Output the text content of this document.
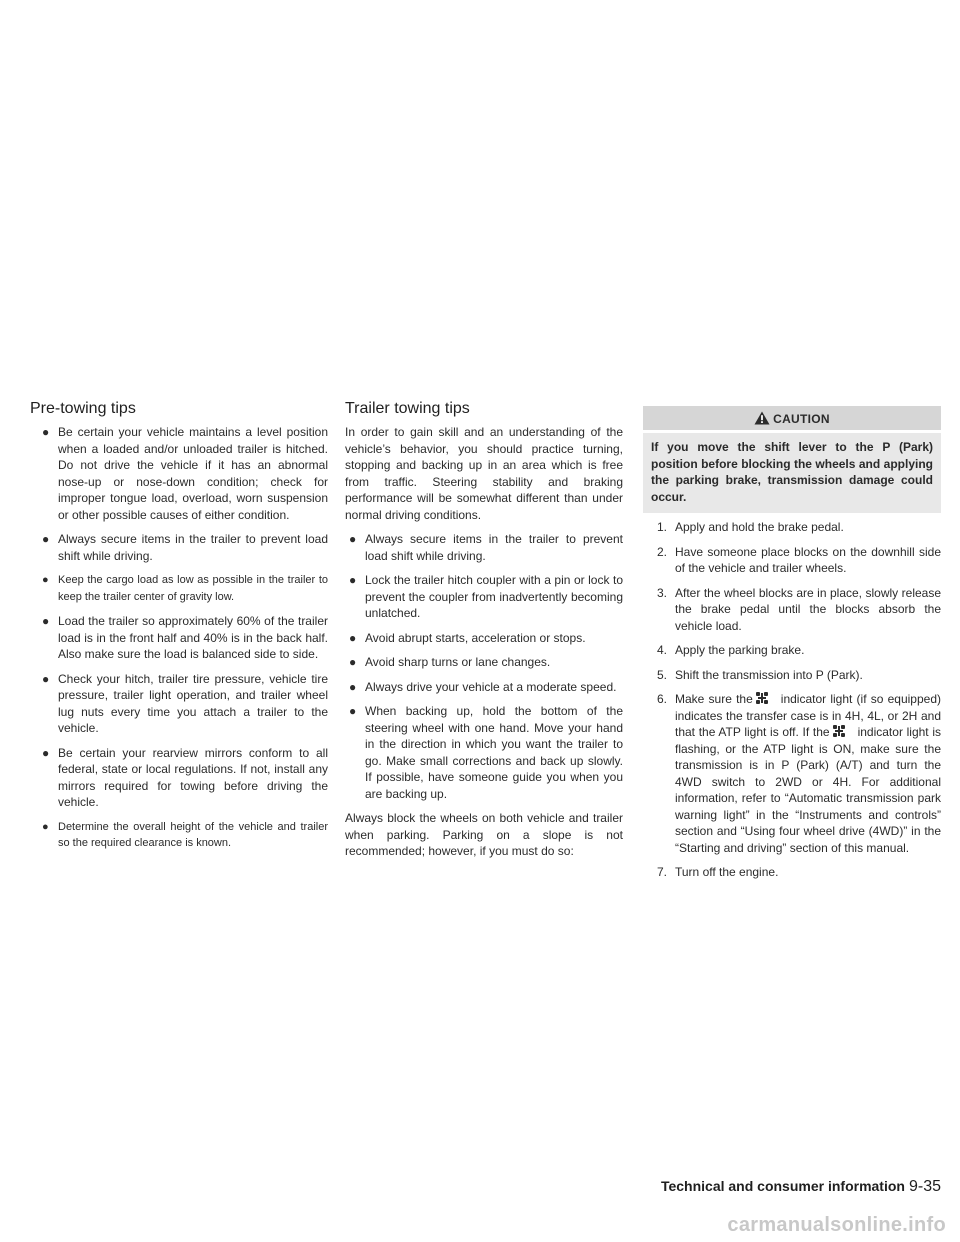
Pre-towing tips
● Be certain your vehicle maintains a level position when a loaded and/or unloaded trailer is hitched. Do not drive the vehicle if it has an abnormal nose-up or nose-down condition; check for improper tongue load, overload, worn suspension or other possible causes of either condition.
● Always secure items in the trailer to prevent load shift while driving.
● Keep the cargo load as low as possible in the trailer to keep the trailer center of gravity low.
● Load the trailer so approximately 60% of the trailer load is in the front half and 40% is in the back half. Also make sure the load is balanced side to side.
● Check your hitch, trailer tire pressure, vehicle tire pressure, trailer light operation, and trailer wheel lug nuts every time you attach a trailer to the vehicle.
● Be certain your rearview mirrors conform to all federal, state or local regulations. If not, install any mirrors required for towing before driving the vehicle.
● Determine the overall height of the vehicle and trailer so the required clearance is known.
Trailer towing tips

In order to gain skill and an understanding of the vehicle’s behavior, you should practice turning, stopping and backing up in an area which is free from traffic. Steering stability and braking performance will be somewhat different than under normal driving conditions.

● Always secure items in the trailer to prevent load shift while driving.
● Lock the trailer hitch coupler with a pin or lock to prevent the coupler from inadvertently becoming unlatched.
● Avoid abrupt starts, acceleration or stops.
● Avoid sharp turns or lane changes.
● Always drive your vehicle at a moderate speed.
● When backing up, hold the bottom of the steering wheel with one hand. Move your hand in the direction in which you want the trailer to go. Make small corrections and back up slowly. If possible, have someone guide you when you are backing up.

Always block the wheels on both vehicle and trailer when parking. Parking on a slope is not recommended; however, if you must do so:

CAUTION
If you move the shift lever to the P (Park) position before blocking the wheels and applying the parking brake, transmission damage could occur.
1. Apply and hold the brake pedal.
2. Have someone place blocks on the downhill side of the vehicle and trailer wheels.
3. After the wheel blocks are in place, slowly release the brake pedal until the blocks absorb the vehicle load.
4. Apply the parking brake.
5. Shift the transmission into P (Park).
6. Make sure the indicator light (if so equipped) indicates the transfer case is in 4H, 4L, or 2H and that the ATP light is off. If the indicator light is flashing, or the ATP light is ON, make sure the transmission is in P (Park) (A/T) and turn the 4WD switch to 2WD or 4H. For additional information, refer to “Automatic transmission park warning light” in the “Instruments and controls” section and “Using four wheel drive (4WD)” in the “Starting and driving” section of this manual.
7. Turn off the engine.
Technical and consumer information 9-35
carmanualsonline.info
